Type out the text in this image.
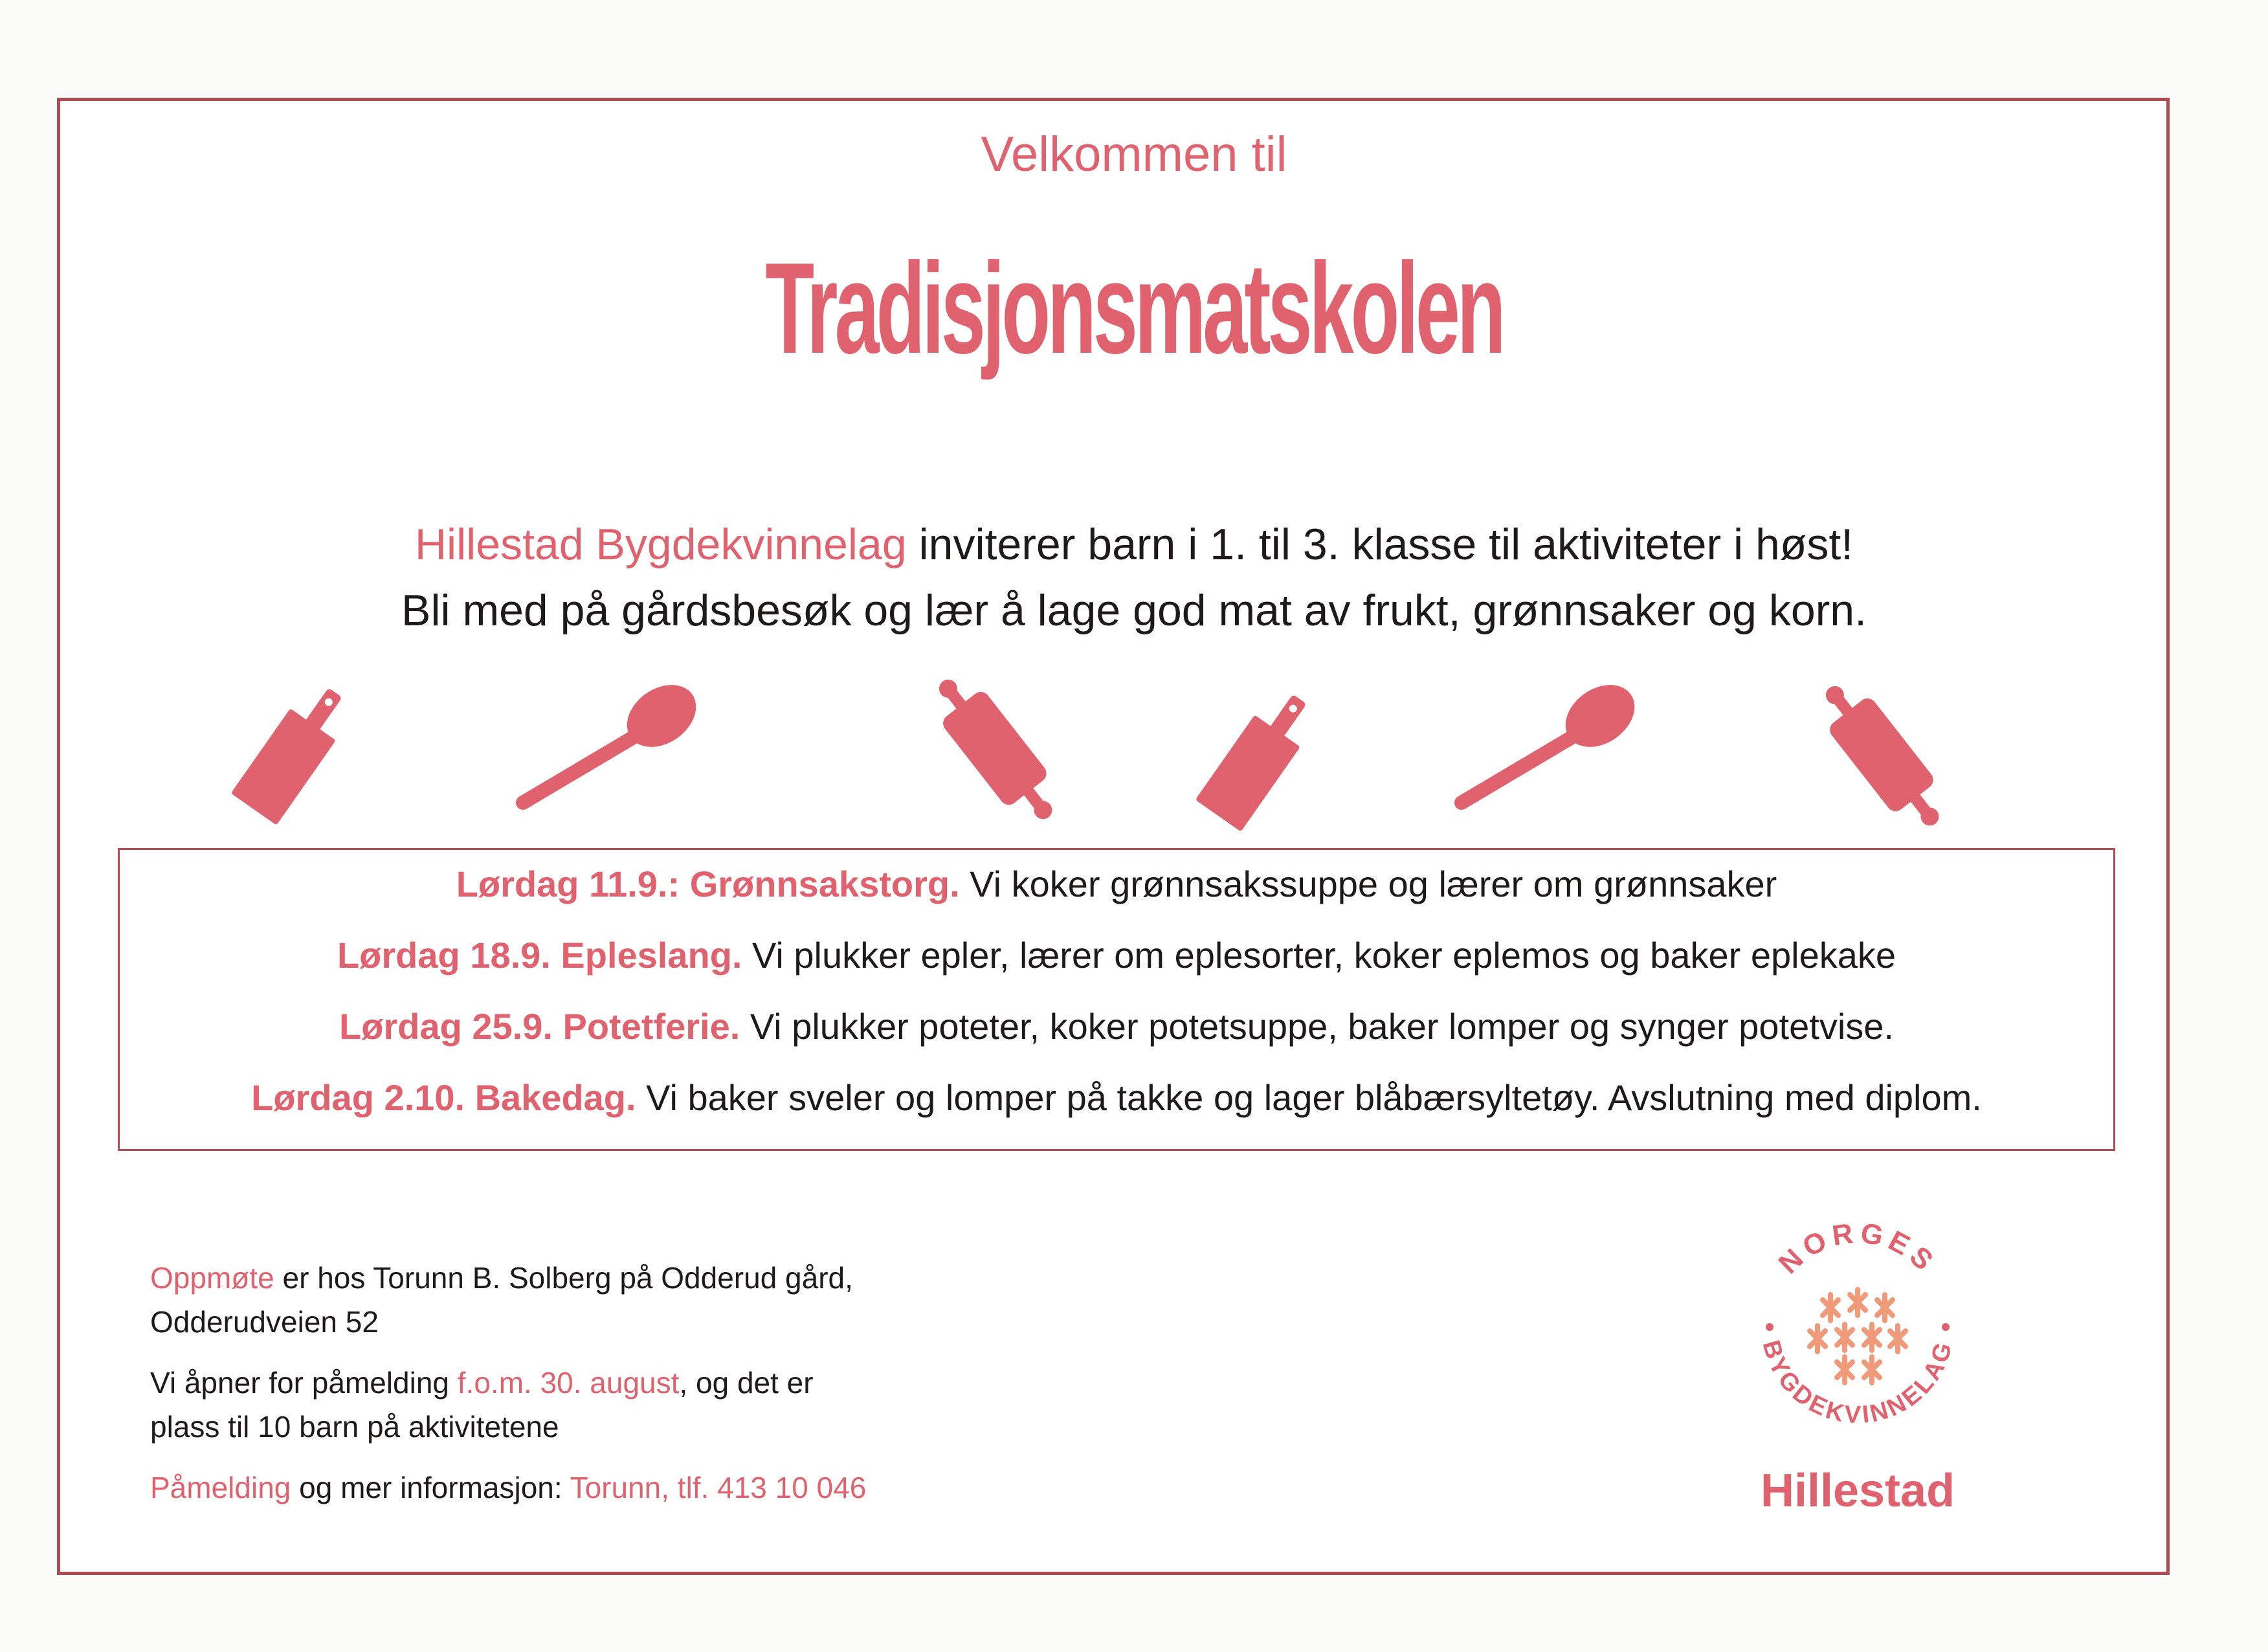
Velkommen til
Tradisjonsmatskolen
Hillestad Bygdekvinnelag inviterer barn i 1. til 3. klasse til aktiviteter i høst!
Bli med på gårdsbesøk og lær å lage god mat av frukt, grønnsaker og korn.
Lørdag 11.9.: Grønnsakstorg. Vi koker grønnsakssuppe og lærer om grønnsaker
Lørdag 18.9. Epleslang. Vi plukker epler, lærer om eplesorter, koker eplemos og baker eplekake
Lørdag 25.9. Potetferie. Vi plukker poteter, koker potetsuppe, baker lomper og synger potetvise.
Lørdag 2.10. Bakedag. Vi baker sveler og lomper på takke og lager blåbærsyltetøy. Avslutning med diplom.
Oppmøte er hos Torunn B. Solberg på Odderud gård,
Odderudveien 52
Vi åpner for påmelding f.o.m. 30. august, og det er
plass til 10 barn på aktivitetene
Påmelding og mer informasjon: Torunn, tlf. 413 10 046
NORGES
BYGDEKVINNELAG
Hillestad
